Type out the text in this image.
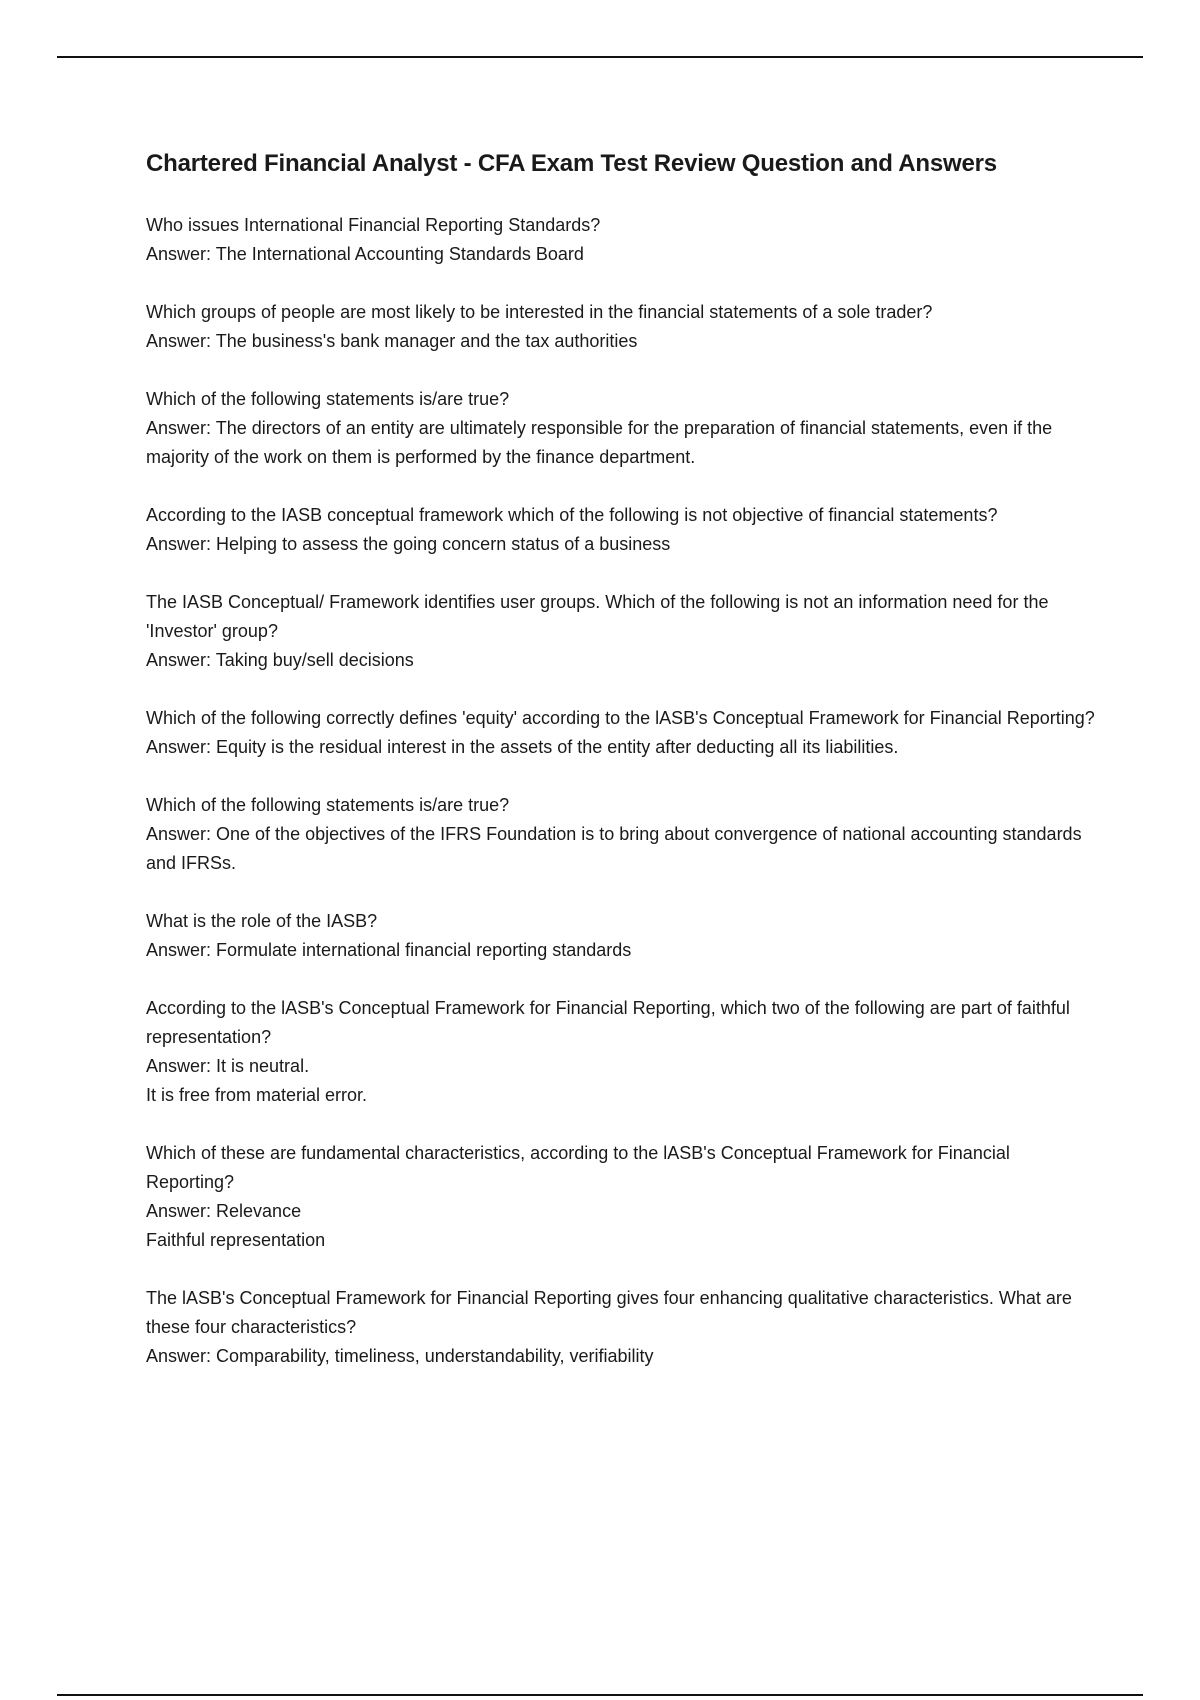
Chartered Financial Analyst - CFA Exam Test Review Question and Answers

Who issues International Financial Reporting Standards?

Answer: The International Accounting Standards Board

Which groups of people are most likely to be interested in the financial statements of a sole trader?

Answer: The business's bank manager and the tax authorities

Which of the following statements is/are true?

Answer: The directors of an entity are ultimately responsible for the preparation of financial statements, even if the majority of the work on them is performed by the finance department.

According to the IASB conceptual framework which of the following is not objective of financial statements?

Answer: Helping to assess the going concern status of a business

The IASB Conceptual/ Framework identifies user groups. Which of the following is not an information need for the 'Investor' group?

Answer: Taking buy/sell decisions

Which of the following correctly defines 'equity' according to the lASB's Conceptual Framework for Financial Reporting?

Answer: Equity is the residual interest in the assets of the entity after deducting all its liabilities.

Which of the following statements is/are true?

Answer: One of the objectives of the IFRS Foundation is to bring about convergence of national accounting standards and IFRSs.

What is the role of the IASB?

Answer: Formulate international financial reporting standards

According to the lASB's Conceptual Framework for Financial Reporting, which two of the following are part of faithful representation?

Answer: It is neutral.

It is free from material error.

Which of these are fundamental characteristics, according to the lASB's Conceptual Framework for Financial Reporting?

Answer: Relevance

Faithful representation

The lASB's Conceptual Framework for Financial Reporting gives four enhancing qualitative characteristics. What are these four characteristics?

Answer: Comparability, timeliness, understandability, verifiability
